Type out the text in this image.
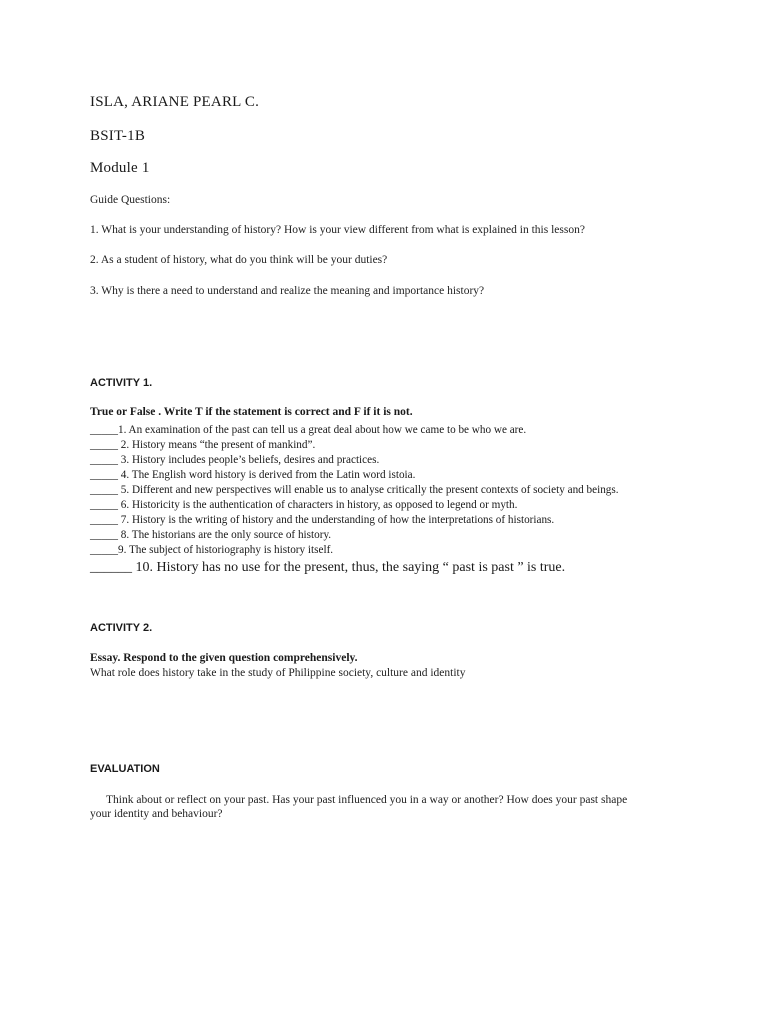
ISLA, ARIANE PEARL C.
BSIT-1B
Module 1
Guide Questions:
1. What is your understanding of history? How is your view different from what is explained in this lesson?
2. As a student of history, what do you think will be your duties?
3. Why is there a need to understand and realize the meaning and importance history?
ACTIVITY 1.
True or False . Write T if the statement is correct and F if it is not.
_____1. An examination of the past can tell us a great deal about how we came to be who we are.
_____ 2. History means “the present of mankind”.
_____ 3. History includes people’s beliefs, desires and practices.
_____ 4. The English word history is derived from the Latin word istoia.
_____ 5. Different and new perspectives will enable us to analyse critically the present contexts of society and beings.
_____ 6. Historicity is the authentication of characters in history, as opposed to legend or myth.
_____ 7. History is the writing of history and the understanding of how the interpretations of historians.
_____ 8. The historians are the only source of history.
_____9. The subject of historiography is history itself.
______ 10. History has no use for the present, thus, the saying “ past is past ” is true.
ACTIVITY 2.
Essay. Respond to the given question comprehensively.
What role does history take in the study of Philippine society, culture and identity
EVALUATION
Think about or reflect on your past. Has your past influenced you in a way or another? How does your past shape
your identity and behaviour?
